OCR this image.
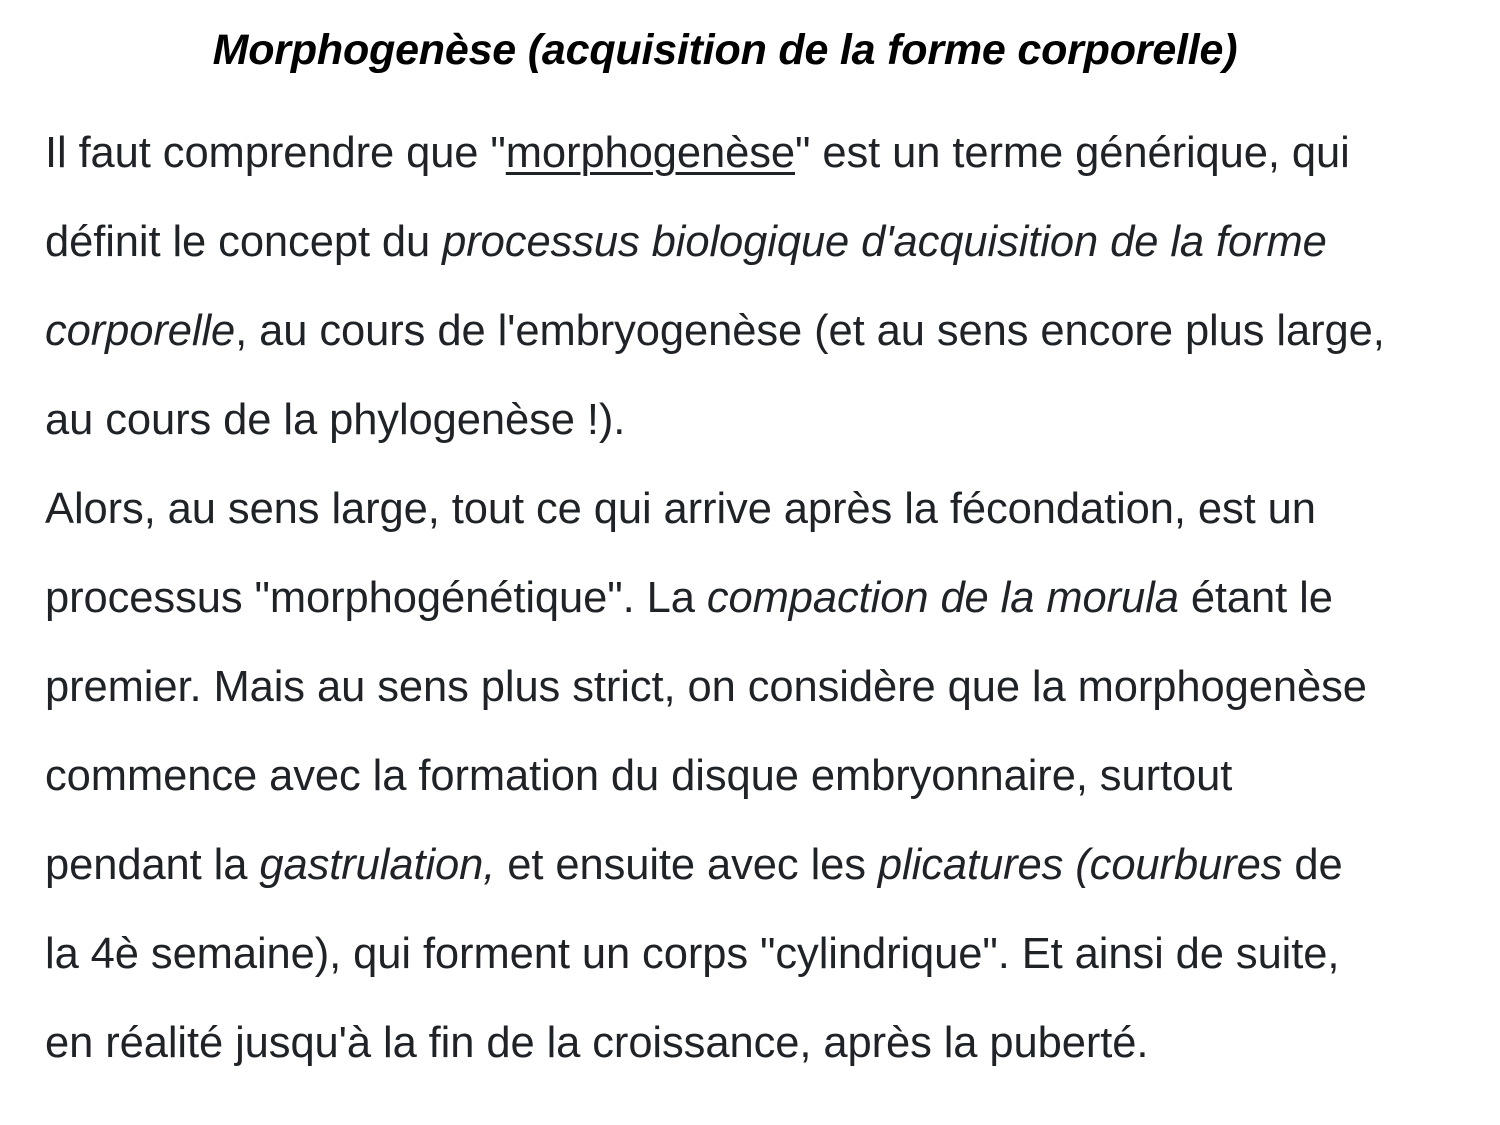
Morphogenèse (acquisition de la forme corporelle)
Il faut comprendre que "morphogenèse" est un terme générique, qui définit le concept du processus biologique d'acquisition de la forme corporelle, au cours de l'embryogenèse (et au sens encore plus large, au cours de la phylogenèse !).
Alors, au sens large, tout ce qui arrive après la fécondation, est un processus "morphogénétique". La compaction de la morula étant le premier. Mais au sens plus strict, on considère que la morphogenèse commence avec la formation du disque embryonnaire, surtout pendant la gastrulation, et ensuite avec les plicatures (courbures de la 4è semaine), qui forment un corps "cylindrique". Et ainsi de suite, en réalité jusqu'à la fin de la croissance, après la puberté.
